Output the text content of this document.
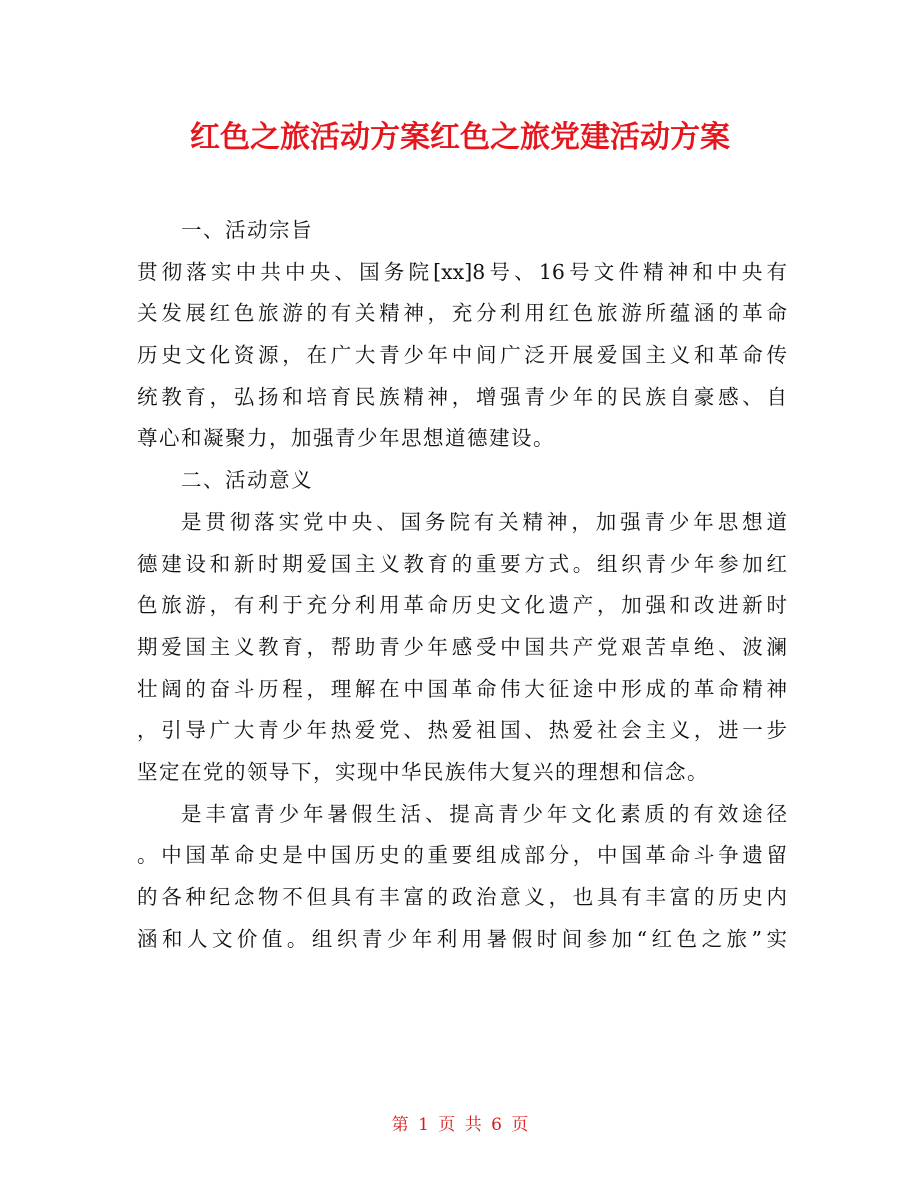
红色之旅活动方案红色之旅党建活动方案
一、活动宗旨
贯彻落实中共中央、国务院[xx]8号、16号文件精神和中央有
关发展红色旅游的有关精神，充分利用红色旅游所蕴涵的革命
历史文化资源，在广大青少年中间广泛开展爱国主义和革命传
统教育，弘扬和培育民族精神，增强青少年的民族自豪感、自
尊心和凝聚力，加强青少年思想道德建设。
二、活动意义
是贯彻落实党中央、国务院有关精神，加强青少年思想道
德建设和新时期爱国主义教育的重要方式。组织青少年参加红
色旅游，有利于充分利用革命历史文化遗产，加强和改进新时
期爱国主义教育，帮助青少年感受中国共产党艰苦卓绝、波澜
壮阔的奋斗历程，理解在中国革命伟大征途中形成的革命精神
，引导广大青少年热爱党、热爱祖国、热爱社会主义，进一步
坚定在党的领导下，实现中华民族伟大复兴的理想和信念。
是丰富青少年暑假生活、提高青少年文化素质的有效途径
。中国革命史是中国历史的重要组成部分，中国革命斗争遗留
的各种纪念物不但具有丰富的政治意义，也具有丰富的历史内
涵和人文价值。组织青少年利用暑假时间参加“红色之旅”实
第 1 页 共 6 页
